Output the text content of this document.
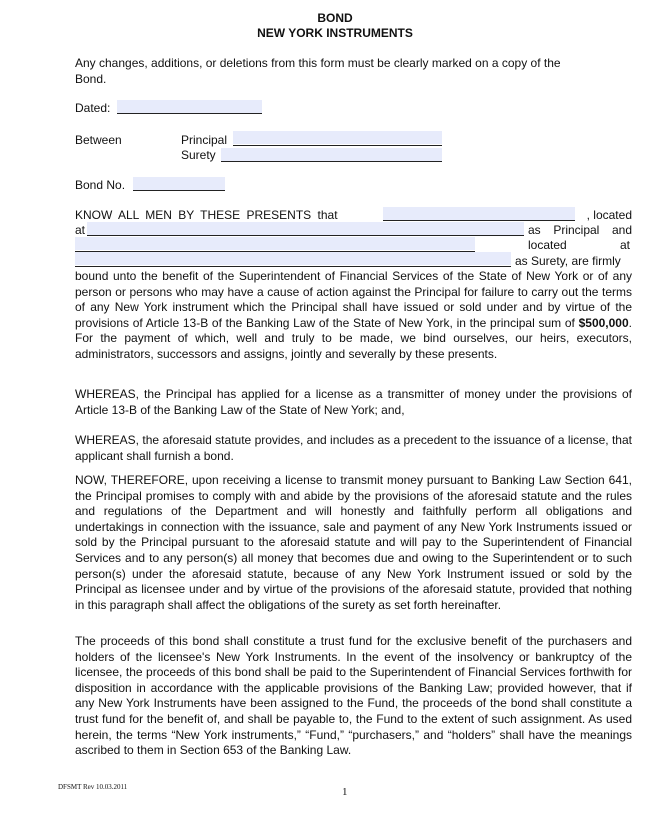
BOND
NEW YORK INSTRUMENTS
Any changes, additions, or deletions from this form must be clearly marked on a copy of the Bond.
Dated:
Between	Principal
Surety
Bond No.
KNOW ALL MEN BY THESE PRESENTS that	, located
at	as Principal and
located	at
as Surety, are firmly
bound unto the benefit of the Superintendent of Financial Services of the State of New York or of any person or persons who may have a cause of action against the Principal for failure to carry out the terms of any New York instrument which the Principal shall have issued or sold under and by virtue of the provisions of Article 13-B of the Banking Law of the State of New York, in the principal sum of $500,000. For the payment of which, well and truly to be made, we bind ourselves, our heirs, executors, administrators, successors and assigns, jointly and severally by these presents.
WHEREAS, the Principal has applied for a license as a transmitter of money under the provisions of Article 13-B of the Banking Law of the State of New York; and,
WHEREAS, the aforesaid statute provides, and includes as a precedent to the issuance of a license, that applicant shall furnish a bond.
NOW, THEREFORE, upon receiving a license to transmit money pursuant to Banking Law Section 641, the Principal promises to comply with and abide by the provisions of the aforesaid statute and the rules and regulations of the Department and will honestly and faithfully perform all obligations and undertakings in connection with the issuance, sale and payment of any New York Instruments issued or sold by the Principal pursuant to the aforesaid statute and will pay to the Superintendent of Financial Services and to any person(s) all money that becomes due and owing to the Superintendent or to such person(s) under the aforesaid statute, because of any New York Instrument issued or sold by the Principal as licensee under and by virtue of the provisions of the aforesaid statute, provided that nothing in this paragraph shall affect the obligations of the surety as set forth hereinafter.
The proceeds of this bond shall constitute a trust fund for the exclusive benefit of the purchasers and holders of the licensee's New York Instruments. In the event of the insolvency or bankruptcy of the licensee, the proceeds of this bond shall be paid to the Superintendent of Financial Services forthwith for disposition in accordance with the applicable provisions of the Banking Law; provided however, that if any New York Instruments have been assigned to the Fund, the proceeds of the bond shall constitute a trust fund for the benefit of, and shall be payable to, the Fund to the extent of such assignment. As used herein, the terms “New York instruments,” “Fund,” “purchasers,” and “holders” shall have the meanings ascribed to them in Section 653 of the Banking Law.
DFSMT Rev 10.03.2011	1
